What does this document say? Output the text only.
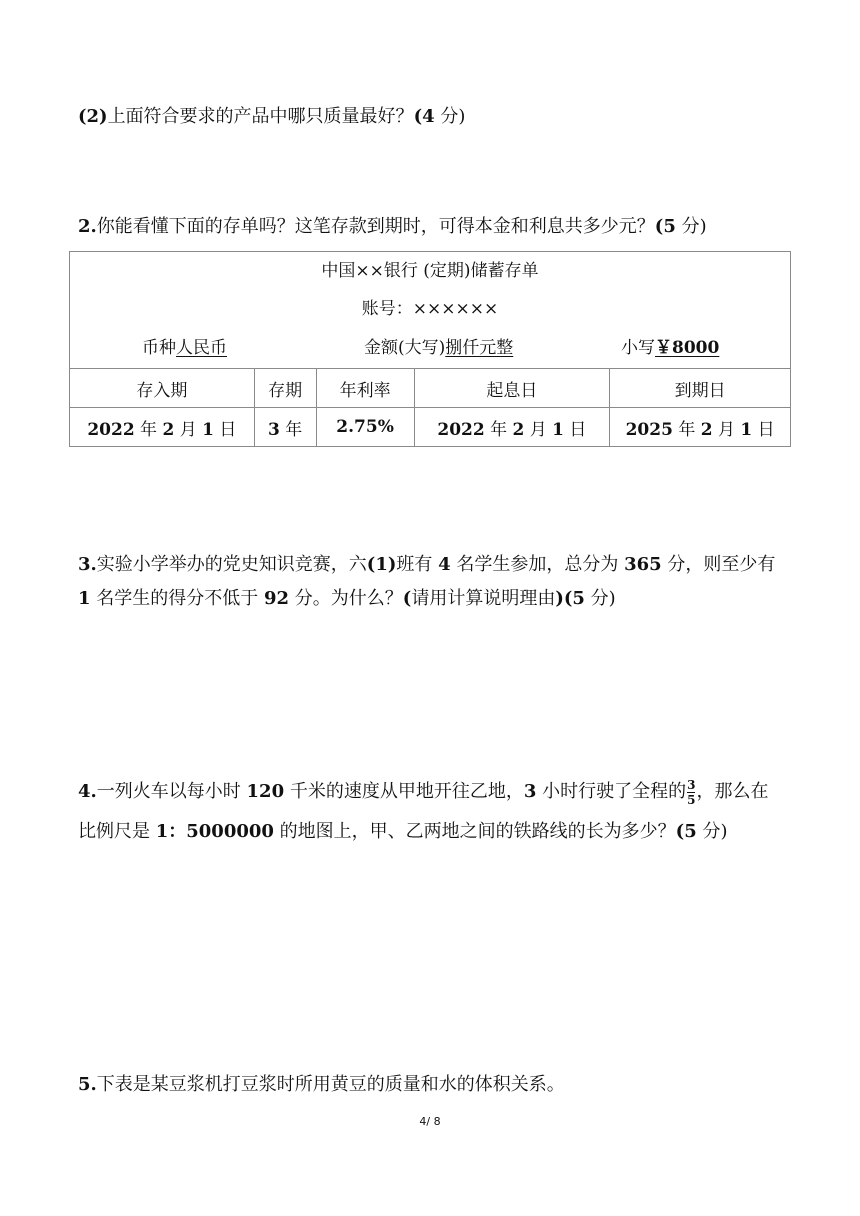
(2)上面符合要求的产品中哪只质量最好？(4 分)

2.你能看懂下面的存单吗？这笔存款到期时，可得本金和利息共多少元？(5 分)

中国××银行 (定期)储蓄存单
账号：××××××
币种人民币 金额(大写)捌仟元整 小写￥8000				

存入期	存期	年利率	起息日	到期日
2022 年 2 月 1 日	3 年	2.75%	2022 年 2 月 1 日	2025 年 2 月 1 日

3.实验小学举办的党史知识竞赛，六(1)班有 4 名学生参加，总分为 365 分，则至少有 1 名学生的得分不低于 92 分。为什么？(请用计算说明理由)(5 分)

4.一列火车以每小时 120 千米的速度从甲地开往乙地，3 小时行驶了全程的 $\frac{3}{5}$ ，那么在比例尺是 1：5000000 的地图上，甲、乙两地之间的铁路线的长为多少？(5 分)

5.下表是某豆浆机打豆浆时所用黄豆的质量和水的体积关系。

4/ 8
